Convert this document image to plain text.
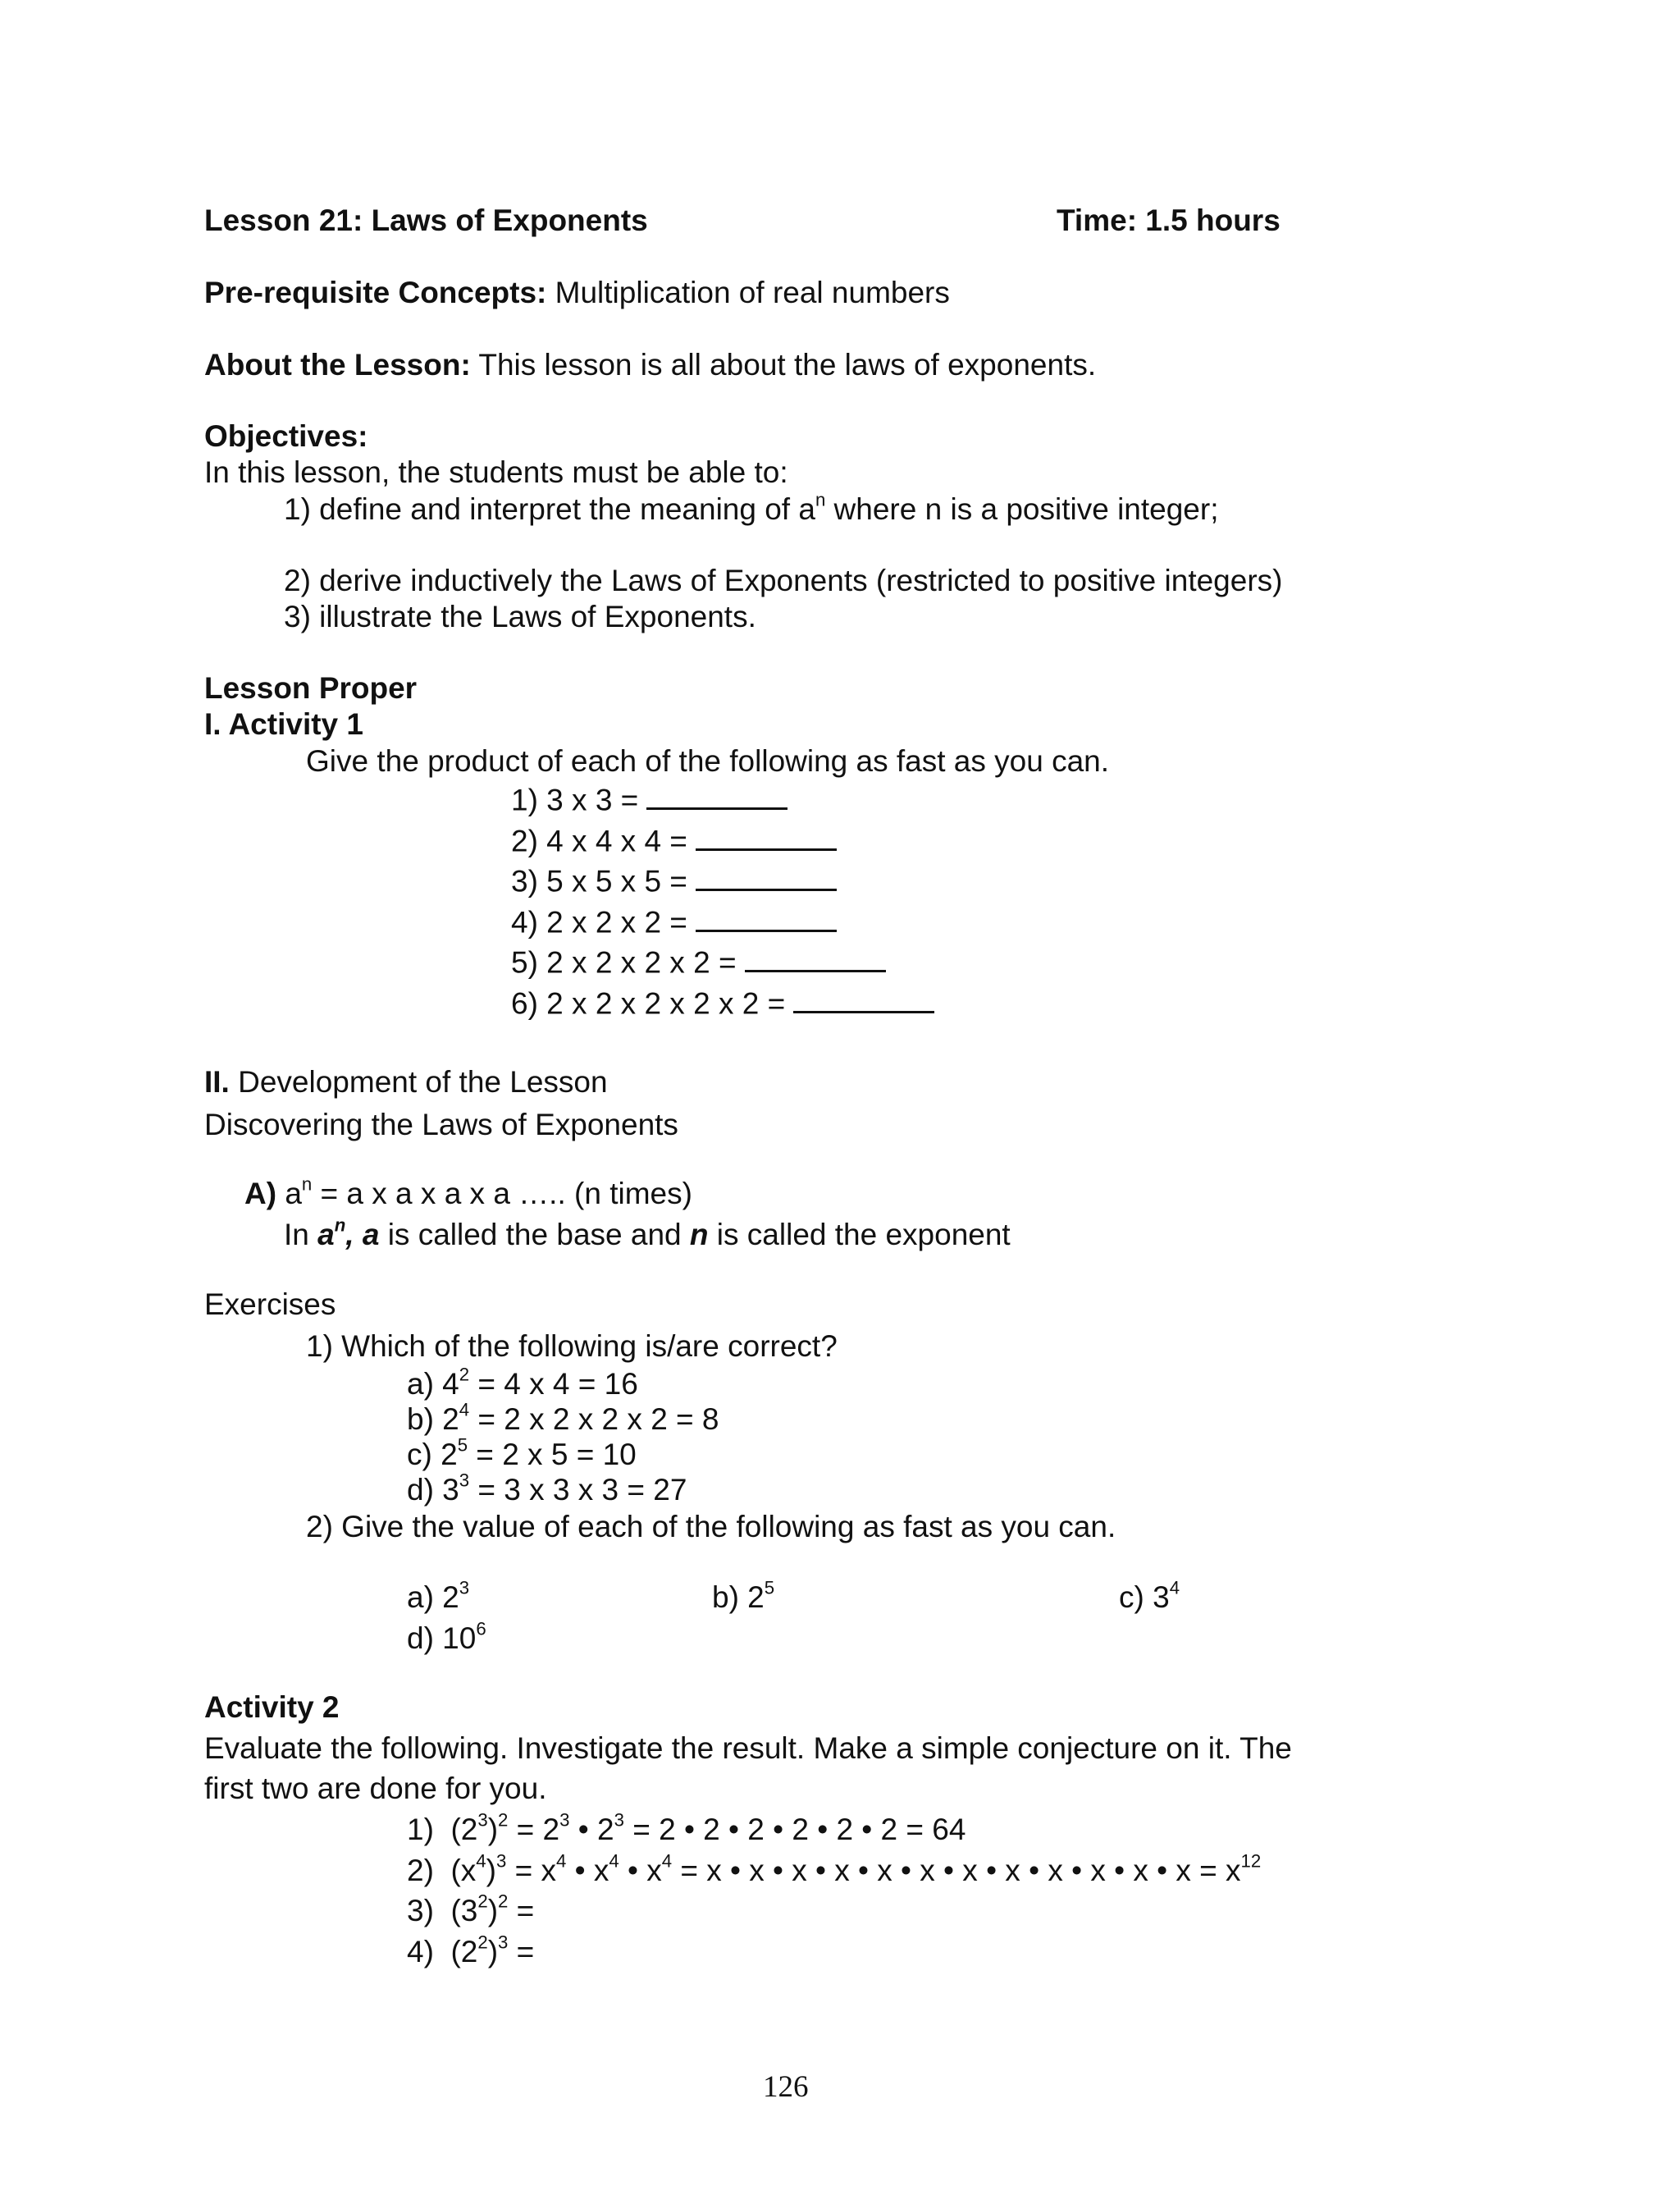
Lesson 21: Laws of Exponents	Time: 1.5 hours
Pre-requisite Concepts: Multiplication of real numbers
About the Lesson: This lesson is all about the laws of exponents.
Objectives:
In this lesson, the students must be able to:
1) define and interpret the meaning of $a^n$ where n is a positive integer;
2) derive inductively the Laws of Exponents (restricted to positive integers)
3) illustrate the Laws of Exponents.
Lesson Proper
I. Activity 1
Give the product of each of the following as fast as you can.
1) 3 x 3 =
2) 4 x 4 x 4 =
3) 5 x 5 x 5 =
4) 2 x 2 x 2 =
5) 2 x 2 x 2 x 2 =
6) 2 x 2 x 2 x 2 x 2 =
II. Development of the Lesson
Discovering the Laws of Exponents
A) $a^n = a$ x a x a x a ….. (n times)
In $a^n$, a is called the base and n is called the exponent
Exercises
1) Which of the following is/are correct?
a) $4^2 = 4$ x 4 = 16
b) $2^4 = 2$ x 2 x 2 x 2 = 8
c) $2^5 = 2$ x 5 = 10
d) $3^3 = 3$ x 3 x 3 = 27
2) Give the value of each of the following as fast as you can.
a) $2^3$	b) $2^5$	c) $3^4$
d) $10^6$
Activity 2
Evaluate the following. Investigate the result. Make a simple conjecture on it. The
first two are done for you.
1) $(2^3)^2 = 2^3$ • $2^3 = 2$ • 2 • 2 • 2 • 2 • 2 = 64
2) $(x^4)^3 = x^4$ • $x^4$ • $x^4 = x$ • x • x • x • x • x • x • x • x • x • x • $x = x^{12}$
3) $(3^2)^2$ =
4) $(2^2)^3$ =
126
